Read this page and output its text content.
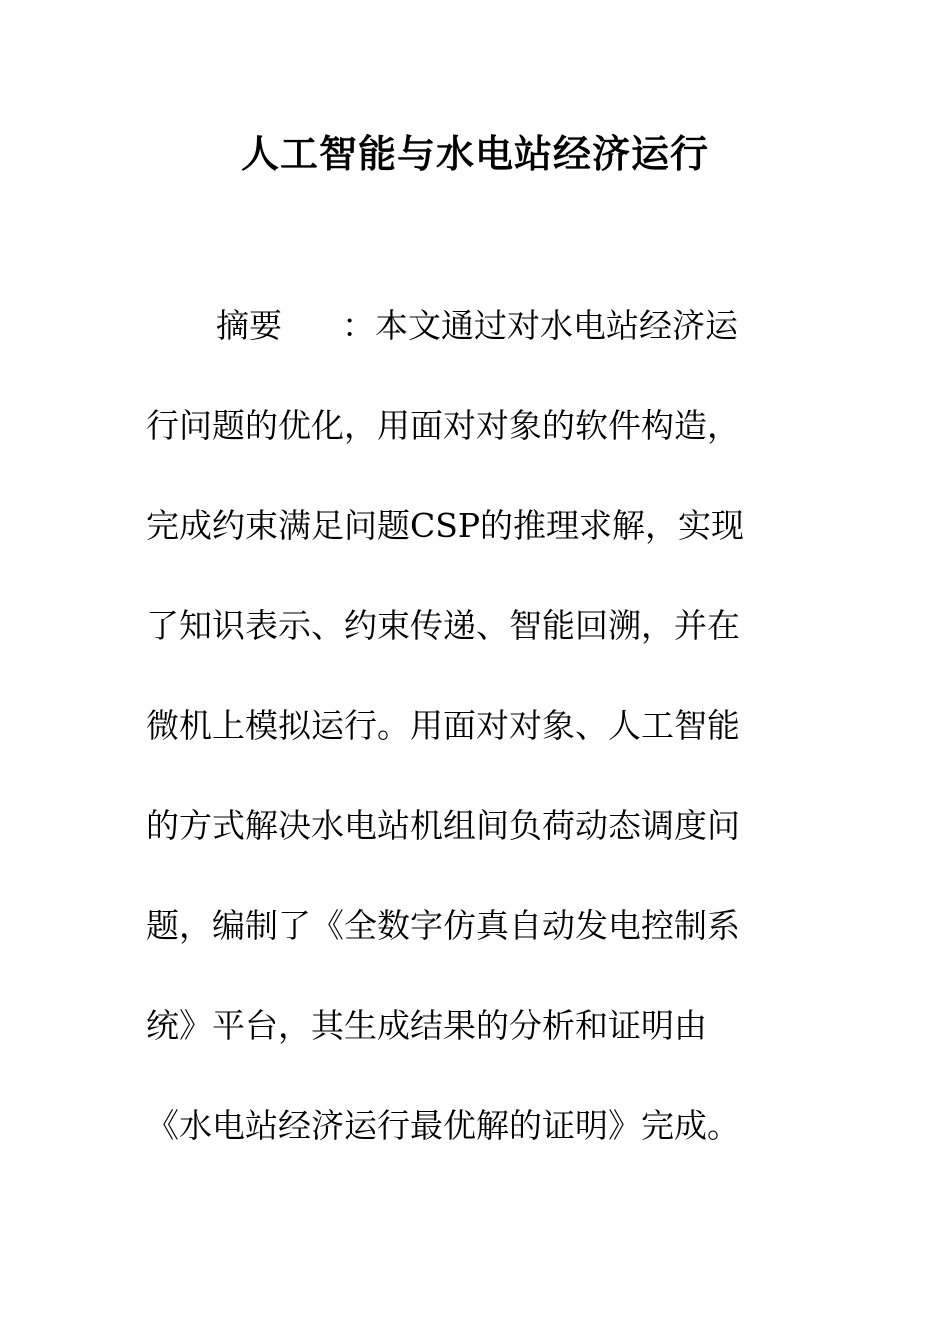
人工智能与水电站经济运行
摘要 ：本文通过对水电站经济运
行问题的优化，用面对对象的软件构造，
完成约束满足问题CSP的推理求解，实现
了知识表示、约束传递、智能回溯，并在
微机上模拟运行。用面对对象、人工智能
的方式解决水电站机组间负荷动态调度问
题，编制了《全数字仿真自动发电控制系
统》平台，其生成结果的分析和证明由
《水电站经济运行最优解的证明》完成。
